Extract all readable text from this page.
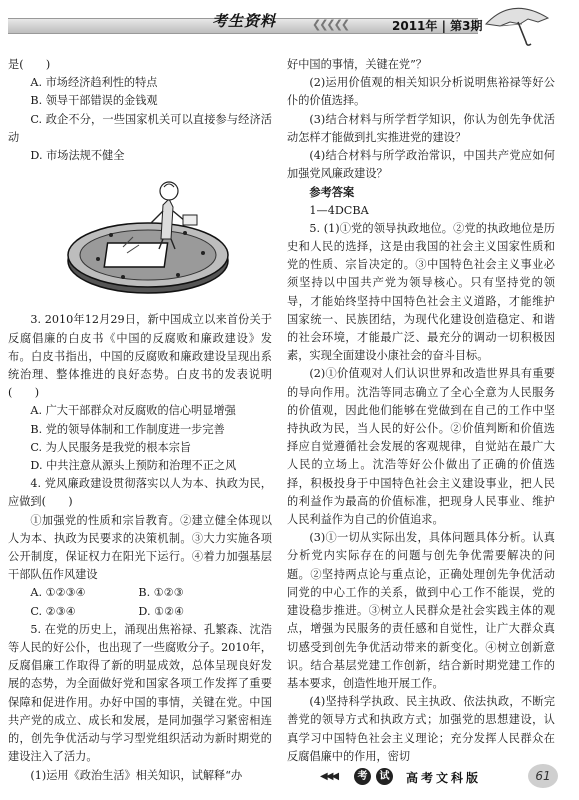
考生资料	❮❮❮❮❮	2011年 | 第3期

是(　　)

A. 市场经济趋利性的特点

B. 领导干部错误的金钱观

C. 政企不分，一些国家机关可以直接参与经济活动

D. 市场法规不健全

3. 2010年12月29日，新中国成立以来首份关于反腐倡廉的白皮书《中国的反腐败和廉政建设》发布。白皮书指出，中国的反腐败和廉政建设呈现出系统治理、整体推进的良好态势。白皮书的发表说明(　　)

A. 广大干部群众对反腐败的信心明显增强

B. 党的领导体制和工作制度进一步完善

C. 为人民服务是我党的根本宗旨

D. 中共注意从源头上预防和治理不正之风

4. 党风廉政建设贯彻落实以人为本、执政为民，应做到(　　)

①加强党的性质和宗旨教育。②建立健全体现以人为本、执政为民要求的决策机制。③大力实施各项公开制度，保证权力在阳光下运行。④着力加强基层干部队伍作风建设

A. ①②③④	B. ①②③

C. ②③④	D. ①②④

5. 在党的历史上，涌现出焦裕禄、孔繁森、沈浩等人民的好公仆，也出现了一些腐败分子。2010年，反腐倡廉工作取得了新的明显成效，总体呈现良好发展的态势，为全面做好党和国家各项工作发挥了重要保障和促进作用。办好中国的事情，关键在党。中国共产党的成立、成长和发展，是同加强学习紧密相连的，创先争优活动与学习型党组织活动为新时期党的建设注入了活力。

(1)运用《政治生活》相关知识，试解释“办

好中国的事情，关键在党”？

(2)运用价值观的相关知识分析说明焦裕禄等好公仆的价值选择。

(3)结合材料与所学哲学知识，你认为创先争优活动怎样才能做到扎实推进党的建设？

(4)结合材料与所学政治常识，中国共产党应如何加强党风廉政建设？

参考答案

1—4DCBA

5. (1)①党的领导执政地位。②党的执政地位是历史和人民的选择，这是由我国的社会主义国家性质和党的性质、宗旨决定的。③中国特色社会主义事业必须坚持以中国共产党为领导核心。只有坚持党的领导，才能始终坚持中国特色社会主义道路，才能维护国家统一、民族团结，为现代化建设创造稳定、和谐的社会环境，才能最广泛、最充分的调动一切积极因素，实现全面建设小康社会的奋斗目标。

(2)①价值观对人们认识世界和改造世界具有重要的导向作用。沈浩等同志确立了全心全意为人民服务的价值观，因此他们能够在党做到在自己的工作中坚持执政为民，当人民的好公仆。②价值判断和价值选择应自觉遵循社会发展的客观规律，自觉站在最广大人民的立场上。沈浩等好公仆做出了正确的价值选择，积极投身于中国特色社会主义建设事业，把人民的利益作为最高的价值标准，把现身人民事业、维护人民利益作为自己的价值追求。

(3)①一切从实际出发，具体问题具体分析。认真分析党内实际存在的问题与创先争优需要解决的问题。②坚持两点论与重点论，正确处理创先争优活动同党的中心工作的关系，做到中心工作不能误，党的建设稳步推进。③树立人民群众是社会实践主体的观点，增强为民服务的责任感和自觉性，让广大群众真切感受到创先争优活动带来的新变化。④树立创新意识。结合基层党建工作创新，结合新时期党建工作的基本要求，创造性地开展工作。

(4)坚持科学执政、民主执政、依法执政，不断完善党的领导方式和执政方式；加强党的思想建设，认真学习中国特色社会主义理论；充分发挥人民群众在反腐倡廉中的作用，密切

◀◀◀	考	试 高考文科版	61
